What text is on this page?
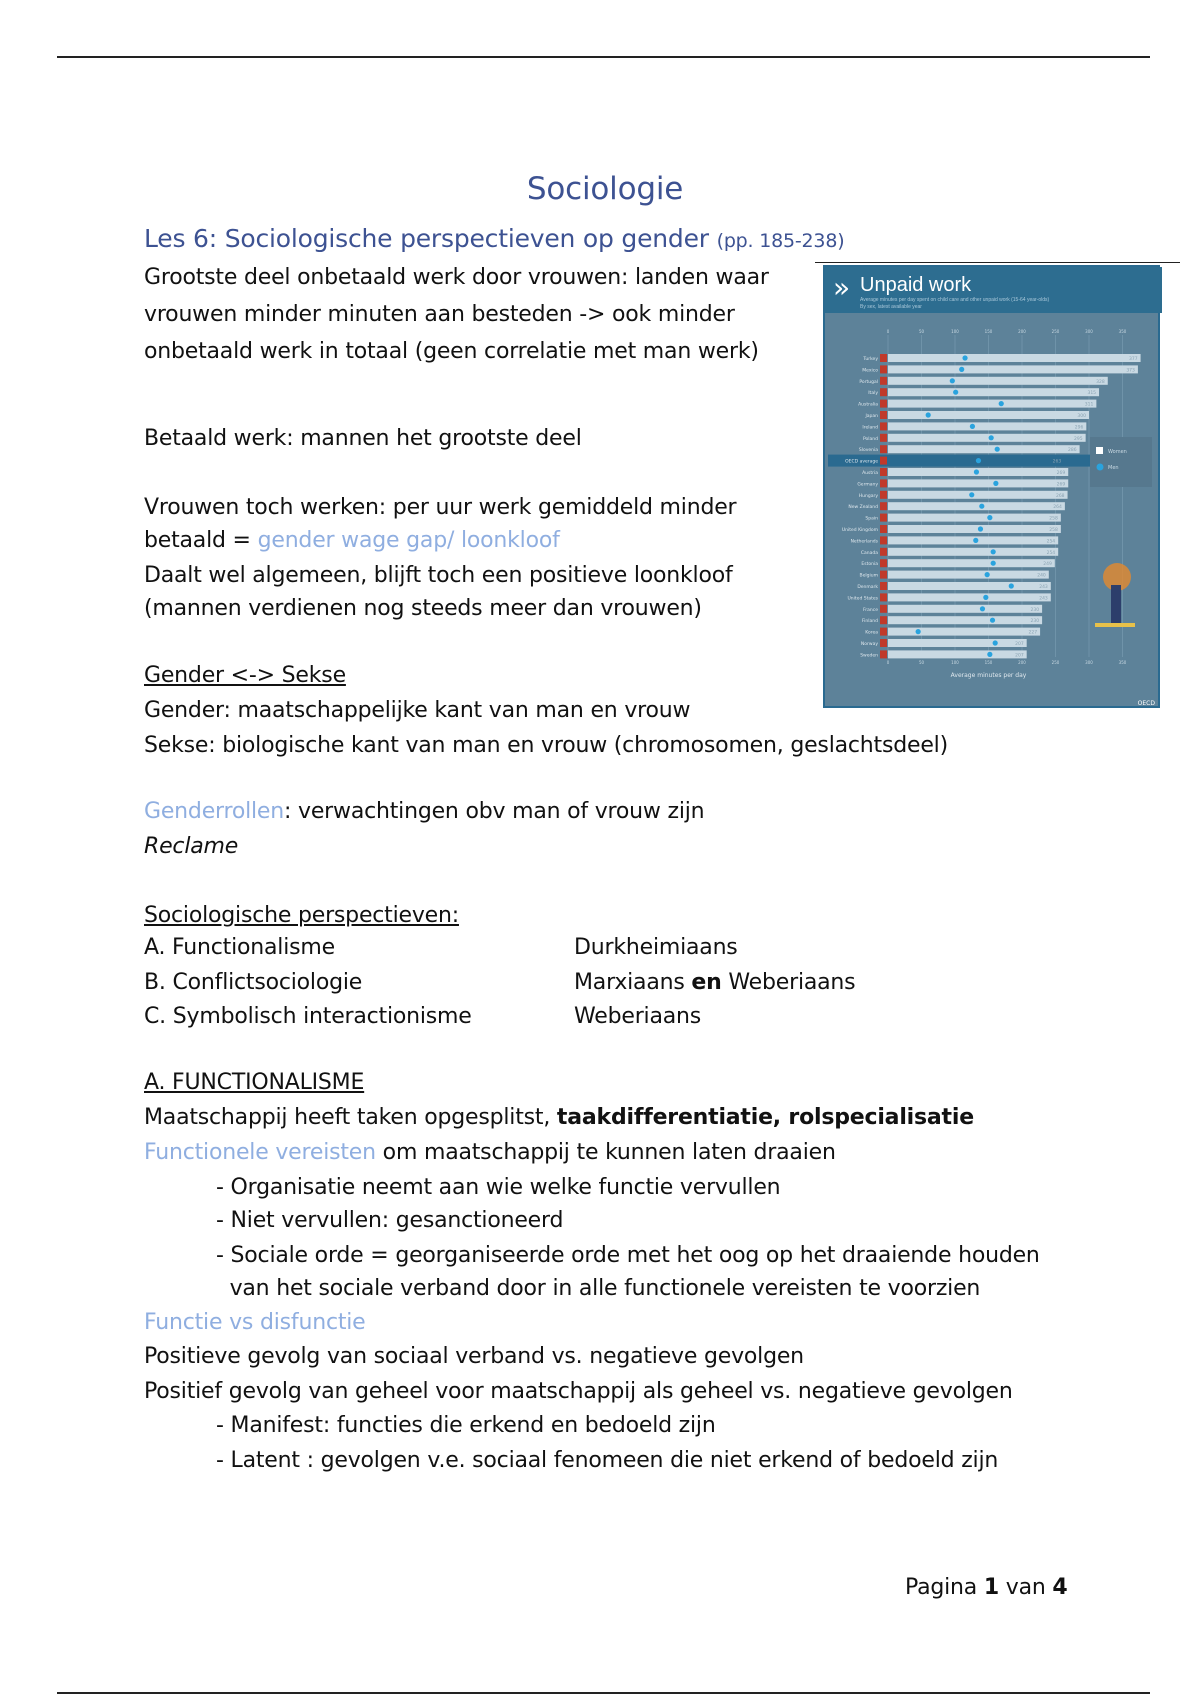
Sociologie
Les 6: Sociologische perspectieven op gender (pp. 185-238)
Grootste deel onbetaald werk door vrouwen: landen waar
vrouwen minder minuten aan besteden -> ook minder
onbetaald werk in totaal (geen correlatie met man werk)
Betaald werk: mannen het grootste deel
Vrouwen toch werken: per uur werk gemiddeld minder
betaald = gender wage gap/ loonkloof
Daalt wel algemeen, blijft toch een positieve loonkloof
(mannen verdienen nog steeds meer dan vrouwen)
Gender <-> Sekse
Gender: maatschappelijke kant van man en vrouw
Sekse: biologische kant van man en vrouw (chromosomen, geslachtsdeel)
Genderrollen: verwachtingen obv man of vrouw zijn
Reclame
Sociologische perspectieven:
A. Functionalisme	Durkheimiaans
B. Conflictsociologie	Marxiaans en Weberiaans
C. Symbolisch interactionisme	Weberiaans
A. FUNCTIONALISME
Maatschappij heeft taken opgesplitst, taakdifferentiatie, rolspecialisatie
Functionele vereisten om maatschappij te kunnen laten draaien
- Organisatie neemt aan wie welke functie vervullen
- Niet vervullen: gesanctioneerd
- Sociale orde = georganiseerde orde met het oog op het draaiende houden
van het sociale verband door in alle functionele vereisten te voorzien
Functie vs disfunctie
Positieve gevolg van sociaal verband vs. negatieve gevolgen
Positief gevolg van geheel voor maatschappij als geheel vs. negatieve gevolgen
- Manifest: functies die erkend en bedoeld zijn
- Latent : gevolgen v.e. sociaal fenomeen die niet erkend of bedoeld zijn
Pagina 1 van 4
» Unpaid work
Average minutes per day spent on child care and other unpaid work (15-64 year-olds)
By sex, latest available year
0
0
50
50
100
100
150
150
200
200
250
250
300
300
350
350
Turkey	377
Mexico	373
Portugal	328
Italy	315
Australia	311
Japan	300
Ireland	296
Poland	295
Slovenia	286
OECD average	263
Austria	269
Germany	269
Hungary	268
New Zealand	264
Spain	258
United Kingdom	258
Netherlands	254
Canada	254
Estonia	249
Belgium	240
Denmark	243
United States	243
France	230
Finland	230
Korea	227
Norway	207
Sweden	207
Average minutes per day
Women
Men
OECD
